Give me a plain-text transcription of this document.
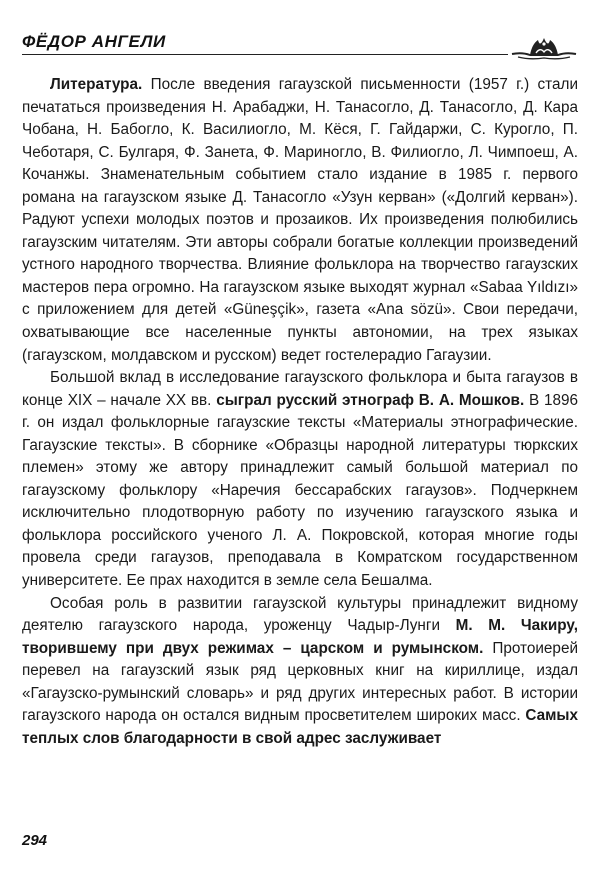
ФЁДОР АНГЕЛИ

Литература. После введения гагаузской письменности (1957 г.) стали печататься произведения Н. Арабаджи, Н. Танасогло, Д. Танасогло, Д. Кара Чобана, Н. Бабогло, К. Василиогло, М. Кёся, Г. Гайдаржи, С. Курогло, П. Чеботаря, С. Булгаря, Ф. Занета, Ф. Мариногло, В. Филиогло, Л. Чимпоеш, А. Кочанжы. Знаменательным событием стало издание в 1985 г. первого романа на гагаузском языке Д. Танасогло «Узун керван» («Долгий керван»). Радуют успехи молодых поэтов и прозаиков. Их произведения полюбились гагаузским читателям. Эти авторы собрали богатые коллекции произведений устного народного творчества. Влияние фольклора на творчество гагаузских мастеров пера огромно. На гагаузском языке выходят журнал «Sabaa Yıldızı» с приложением для детей «Güneşçik», газета «Ana sözü». Свои передачи, охватывающие все населенные пункты автономии, на трех языках (гагаузском, молдавском и русском) ведет гостелерадио Гагаузии.

Большой вклад в исследование гагаузского фольклора и быта гагаузов в конце XIX – начале XX вв. сыграл русский этнограф В. А. Мошков. В 1896 г. он издал фольклорные гагаузские тексты «Материалы этнографические. Гагаузские тексты». В сборнике «Образцы народной литературы тюркских племен» этому же автору принадлежит самый большой материал по гагаузскому фольклору «Наречия бессарабских гагаузов». Подчеркнем исключительно плодотворную работу по изучению гагаузского языка и фольклора российского ученого Л. А. Покровской, которая многие годы провела среди гагаузов, преподавала в Комратском государственном университете. Ее прах находится в земле села Бешалма.

Особая роль в развитии гагаузской культуры принадлежит видному деятелю гагаузского народа, уроженцу Чадыр-Лунги М. М. Чакиру, творившему при двух режимах – царском и румынском. Протоиерей перевел на гагаузский язык ряд церковных книг на кириллице, издал «Гагаузско-румынский словарь» и ряд других интересных работ. В истории гагаузского народа он остался видным просветителем широких масс. Самых теплых слов благодарности в свой адрес заслуживает

294
